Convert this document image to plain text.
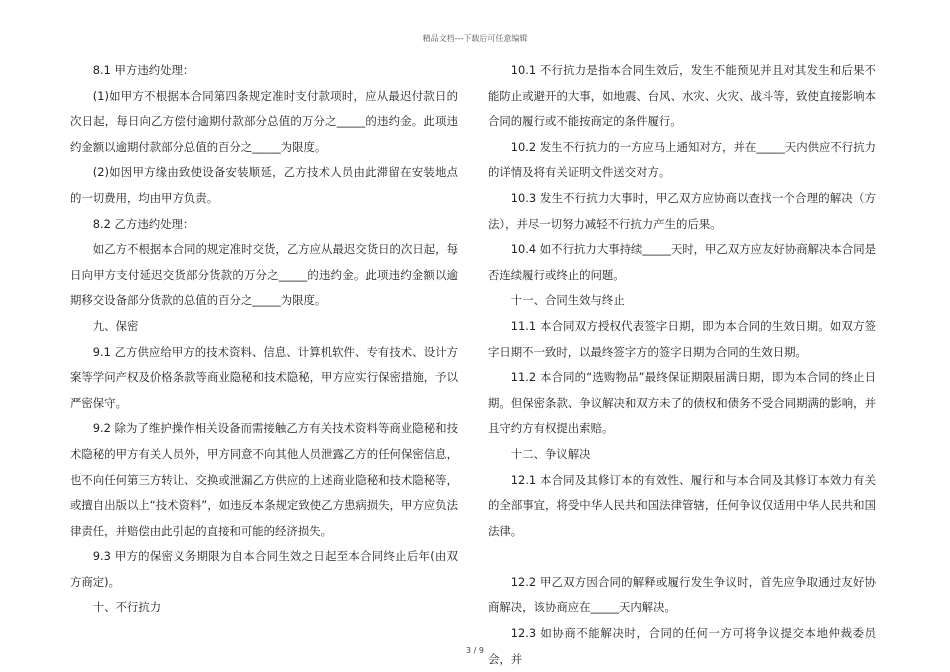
精品文档---下载后可任意编辑

8.1 甲方违约处理：

(1)如甲方不根据本合同第四条规定准时支付款项时，应从最迟付款日的次日起，每日向乙方偿付逾期付款部分总值的万分之_____的违约金。此项违约金额以逾期付款部分总值的百分之_____为限度。

(2)如因甲方缘由致使设备安装顺延，乙方技术人员由此滞留在安装地点的一切费用，均由甲方负责。

8.2 乙方违约处理：

如乙方不根据本合同的规定准时交货，乙方应从最迟交货日的次日起，每日向甲方支付延迟交货部分货款的万分之_____的违约金。此项违约金额以逾期移交设备部分货款的总值的百分之_____为限度。

九、保密

9.1 乙方供应给甲方的技术资料、信息、计算机软件、专有技术、设计方案等学问产权及价格条款等商业隐秘和技术隐秘，甲方应实行保密措施，予以严密保守。

9.2 除为了维护操作相关设备而需接触乙方有关技术资料等商业隐秘和技术隐秘的甲方有关人员外，甲方同意不向其他人员泄露乙方的任何保密信息，也不向任何第三方转让、交换或泄漏乙方供应的上述商业隐秘和技术隐秘等，或擅自出版以上“技术资料”，如违反本条规定致使乙方患病损失，甲方应负法律责任，并赔偿由此引起的直接和可能的经济损失。

9.3 甲方的保密义务期限为自本合同生效之日起至本合同终止后年(由双方商定)。

十、不行抗力

10.1 不行抗力是指本合同生效后，发生不能预见并且对其发生和后果不能防止或避开的大事，如地震、台风、水灾、火灾、战斗等，致使直接影响本合同的履行或不能按商定的条件履行。

10.2 发生不行抗力的一方应马上通知对方，并在_____天内供应不行抗力的详情及将有关证明文件送交对方。

10.3 发生不行抗力大事时，甲乙双方应协商以查找一个合理的解决（方法），并尽一切努力减轻不行抗力产生的后果。

10.4 如不行抗力大事持续_____天时，甲乙双方应友好协商解决本合同是否连续履行或终止的问题。

十一、合同生效与终止

11.1 本合同双方授权代表签字日期，即为本合同的生效日期。如双方签字日期不一致时，以最终签字方的签字日期为合同的生效日期。

11.2 本合同的“选购物品”最终保证期限届满日期，即为本合同的终止日期。但保密条款、争议解决和双方未了的债权和债务不受合同期满的影响，并且守约方有权提出索赔。

十二、争议解决

12.1 本合同及其修订本的有效性、履行和与本合同及其修订本效力有关的全部事宜，将受中华人民共和国法律管辖，任何争议仅适用中华人民共和国法律。

12.2 甲乙双方因合同的解释或履行发生争议时，首先应争取通过友好协商解决，该协商应在_____天内解决。

12.3 如协商不能解决时，合同的任何一方可将争议提交本地仲裁委员会，并

3 / 9
